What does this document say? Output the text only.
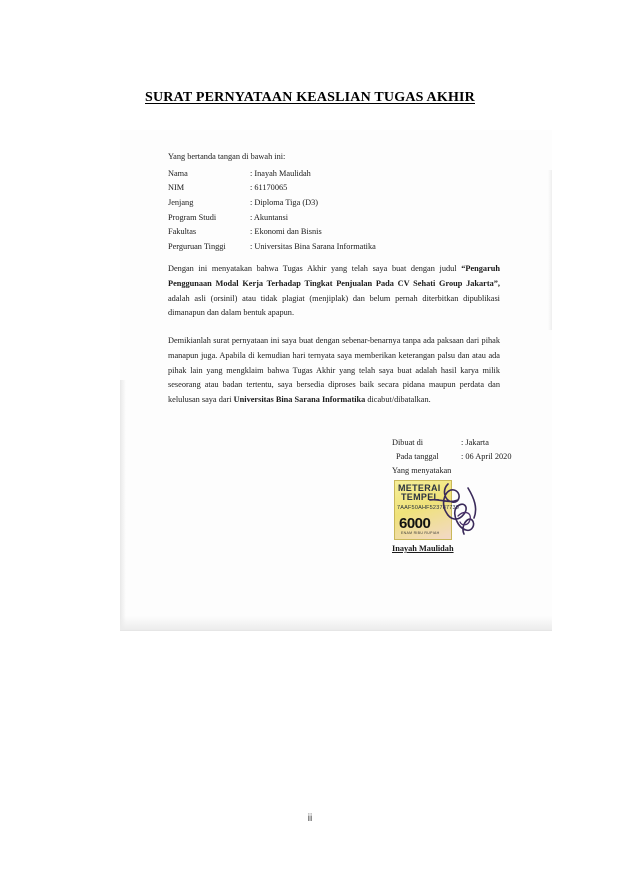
SURAT PERNYATAAN KEASLIAN TUGAS AKHIR
Yang bertanda tangan di bawah ini:
Nama	: Inayah Maulidah
NIM	: 61170065
Jenjang	: Diploma Tiga (D3)
Program Studi	: Akuntansi
Fakultas	: Ekonomi dan Bisnis
Perguruan Tinggi	: Universitas Bina Sarana Informatika
Dengan ini menyatakan bahwa Tugas Akhir yang telah saya buat dengan judul “Pengaruh Penggunaan Modal Kerja Terhadap Tingkat Penjualan Pada CV Sehati Group Jakarta”, adalah asli (orsinil) atau tidak plagiat (menjiplak) dan belum pernah diterbitkan dipublikasi dimanapun dan dalam bentuk apapun.
Demikianlah surat pernyataan ini saya buat dengan sebenar-benarnya tanpa ada paksaan dari pihak manapun juga. Apabila di kemudian hari ternyata saya memberikan keterangan palsu dan atau ada pihak lain yang mengklaim bahwa Tugas Akhir yang telah saya buat adalah hasil karya milik seseorang atau badan tertentu, saya bersedia diproses baik secara pidana maupun perdata dan kelulusan saya dari Universitas Bina Sarana Informatika dicabut/dibatalkan.
Dibuat di	: Jakarta
Pada tanggal	: 06 April 2020
Yang menyatakan
METERAI
TEMPEL
7AAF50AHF523787730
6000
ENAM RIBU RUPIAH
Inayah Maulidah
ii
